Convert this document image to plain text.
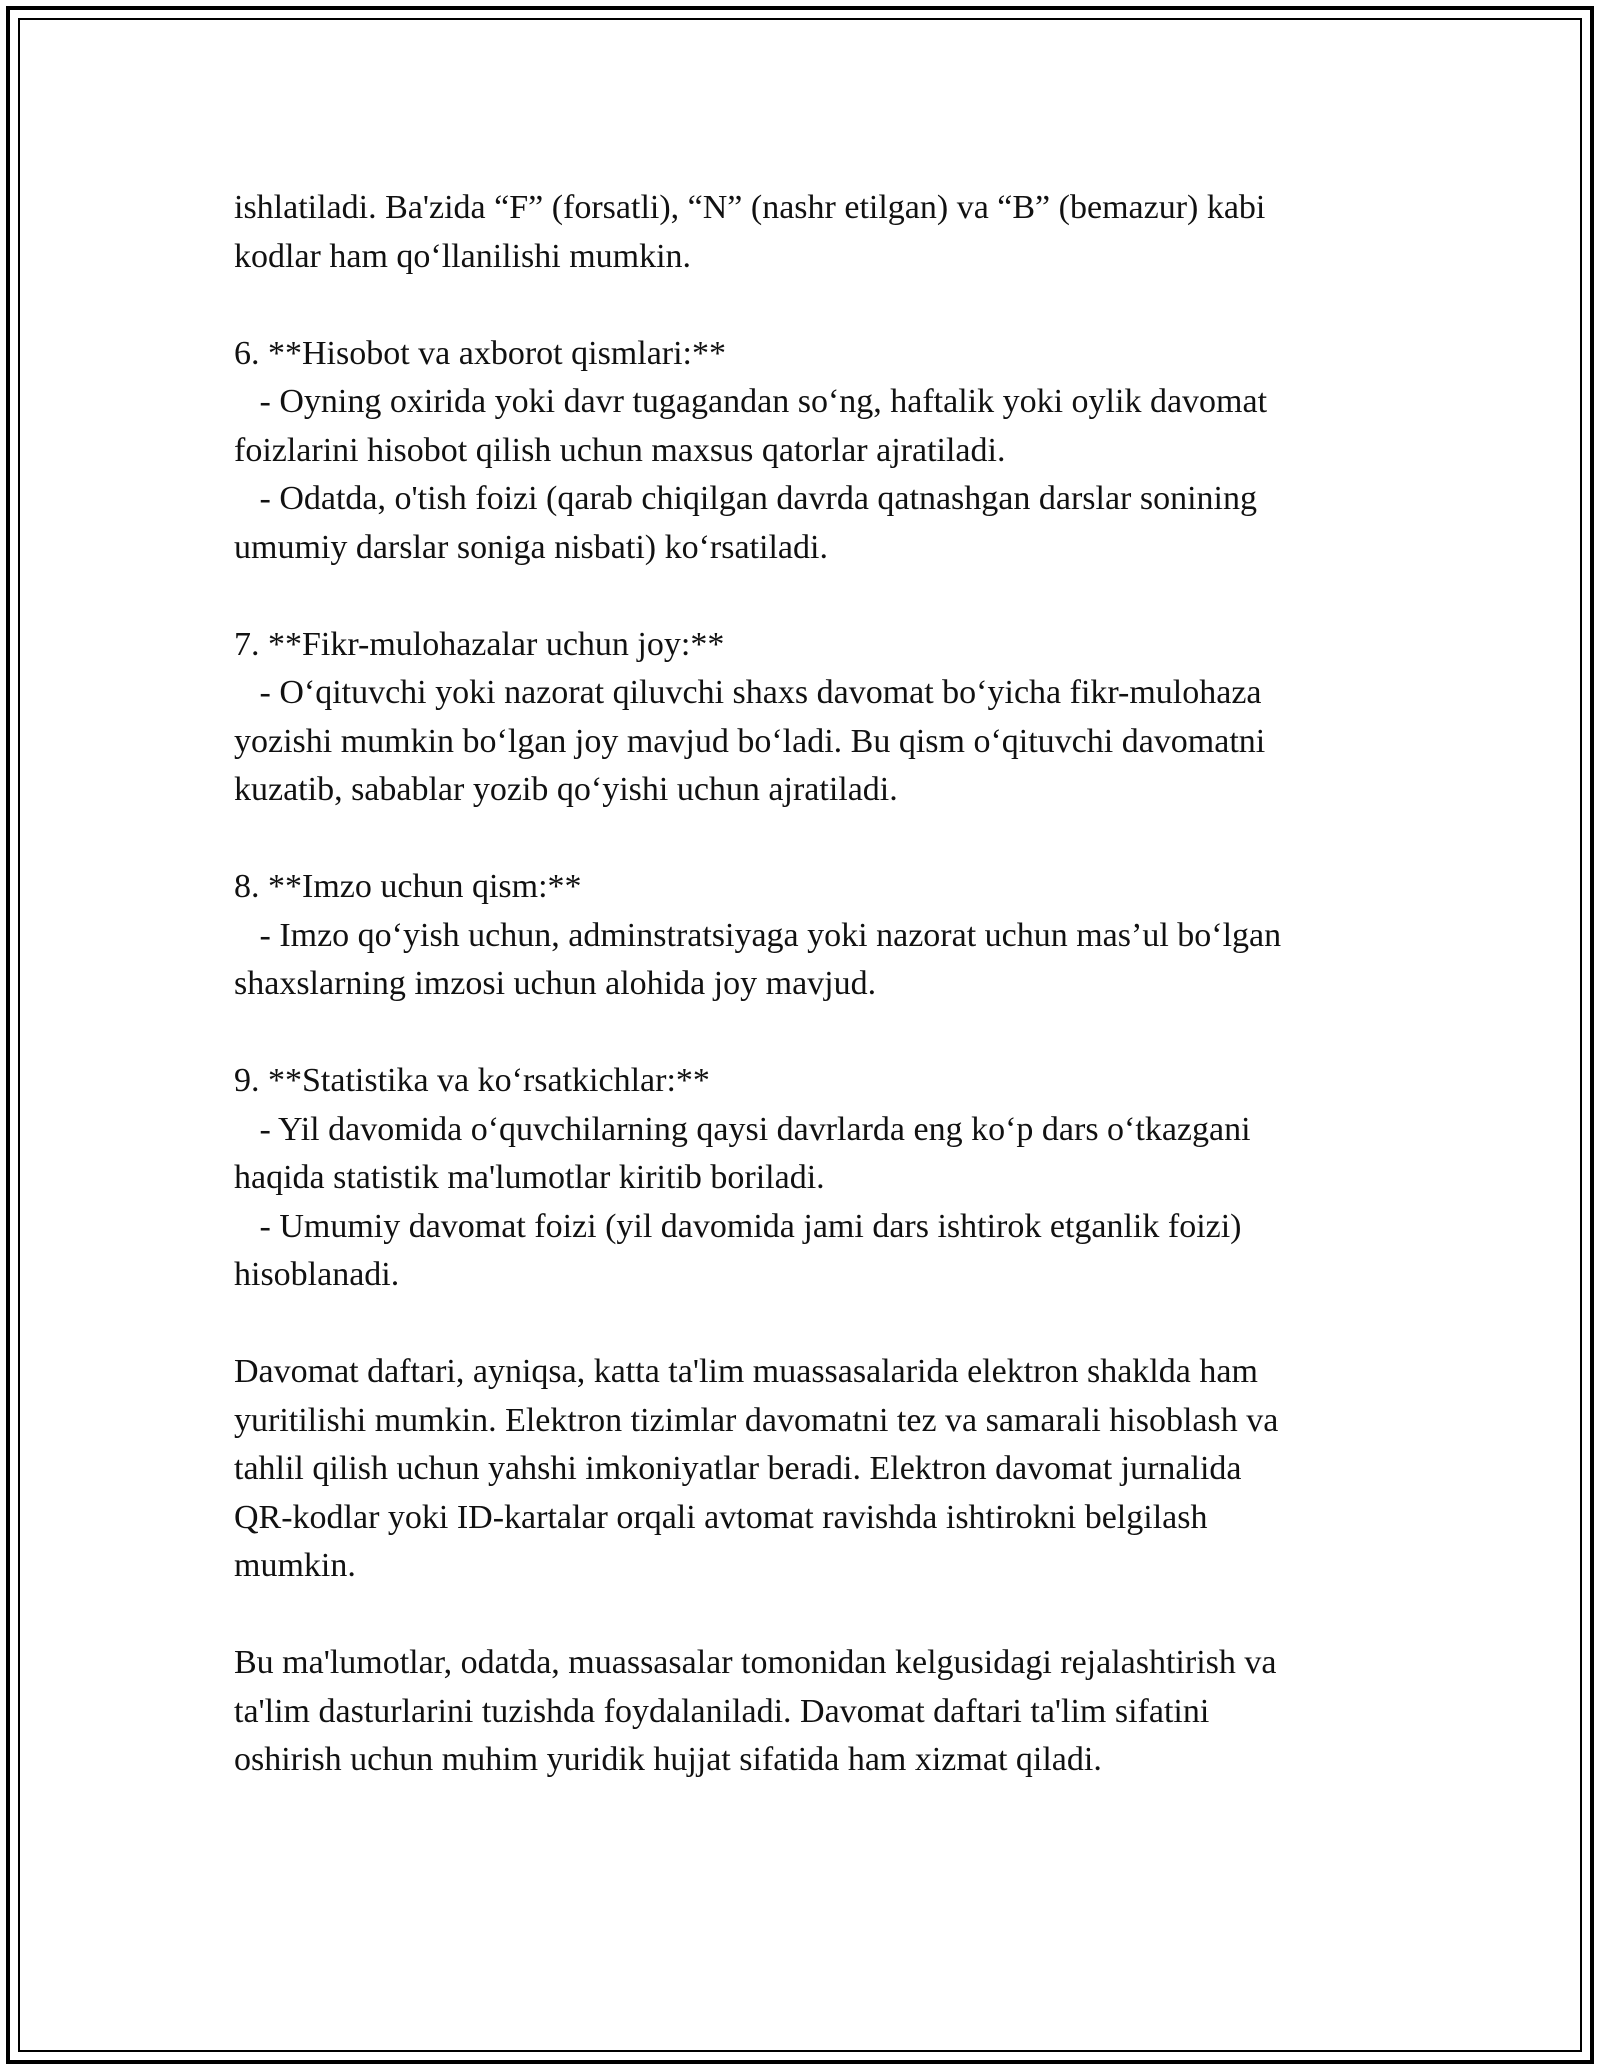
ishlatiladi. Ba'zida “F” (forsatli), “N” (nashr etilgan) va “B” (bemazur) kabi
kodlar ham qo‘llanilishi mumkin.

6. **Hisobot va axborot qismlari:**
- Oyning oxirida yoki davr tugagandan so‘ng, haftalik yoki oylik davomat
foizlarini hisobot qilish uchun maxsus qatorlar ajratiladi.
- Odatda, o'tish foizi (qarab chiqilgan davrda qatnashgan darslar sonining
umumiy darslar soniga nisbati) ko‘rsatiladi.

7. **Fikr-mulohazalar uchun joy:**
- O‘qituvchi yoki nazorat qiluvchi shaxs davomat bo‘yicha fikr-mulohaza
yozishi mumkin bo‘lgan joy mavjud bo‘ladi. Bu qism o‘qituvchi davomatni
kuzatib, sabablar yozib qo‘yishi uchun ajratiladi.

8. **Imzo uchun qism:**
- Imzo qo‘yish uchun, adminstratsiyaga yoki nazorat uchun mas’ul bo‘lgan
shaxslarning imzosi uchun alohida joy mavjud.

9. **Statistika va ko‘rsatkichlar:**
- Yil davomida o‘quvchilarning qaysi davrlarda eng ko‘p dars o‘tkazgani
haqida statistik ma'lumotlar kiritib boriladi.
- Umumiy davomat foizi (yil davomida jami dars ishtirok etganlik foizi)
hisoblanadi.

Davomat daftari, ayniqsa, katta ta'lim muassasalarida elektron shaklda ham
yuritilishi mumkin. Elektron tizimlar davomatni tez va samarali hisoblash va
tahlil qilish uchun yahshi imkoniyatlar beradi. Elektron davomat jurnalida
QR-kodlar yoki ID-kartalar orqali avtomat ravishda ishtirokni belgilash
mumkin.

Bu ma'lumotlar, odatda, muassasalar tomonidan kelgusidagi rejalashtirish va
ta'lim dasturlarini tuzishda foydalaniladi. Davomat daftari ta'lim sifatini
oshirish uchun muhim yuridik hujjat sifatida ham xizmat qiladi.
